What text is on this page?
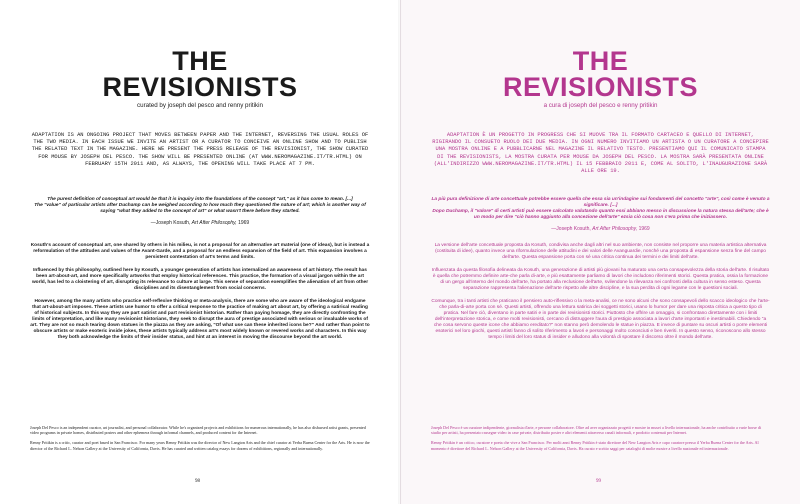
THE
REVISIONISTS

curated by joseph del pesco and renny pritikin

ADAPTATION IS AN ONGOING PROJECT THAT MOVES BETWEEN PAPER AND THE INTERNET, REVERSING THE USUAL ROLES OF THE TWO MEDIA. IN EACH ISSUE WE INVITE AN ARTIST OR A CURATOR TO CONCEIVE AN ONLINE SHOW AND TO PUBLISH THE RELATED TEXT IN THE MAGAZINE. HERE WE PRESENT THE PRESS RELEASE OF THE REVISIONIST, THE SHOW CURATED FOR MOUSE BY JOSEPH DEL PESCO. THE SHOW WILL BE PRESENTED ONLINE (AT WWW.NEROMAGAZINE.IT/TR.HTML) ON FEBRUARY 15TH 2011 AND, AS ALWAYS, THE OPENING WILL TAKE PLACE AT 7 PM.

The purest definition of conceptual art would be that it is inquiry into the foundations of the concept "art," as it has come to mean. [...]

The "value" of particular artists after Duchamp can be weighed according to how much they questioned the nature of art; which is another way of saying "what they added to the concept of art" or what wasn't there before they started.

—Joseph Kosuth, Art After Philosophy, 1969

Kosuth's account of conceptual art, one shared by others in his milieu, is not a proposal for an alternative art material (one of ideas), but is instead a reformulation of the attitudes and values of the Avant-Garde, and a proposal for an endless expansion of the field of art. This expansion involves a persistent contestation of art's terms and limits.

Influenced by this philosophy, outlined here by Kosuth, a younger generation of artists has internalized an awareness of art history. The result has been art-about-art, and more specifically artworks that employ historical references. This practice, the formation of a visual jargon within the art world, has led to a cloistering of art, disrupting its relevance to culture at large. This sense of separation exemplifies the alienation of art from other disciplines and its disentanglement from social concerns.

However, among the many artists who practice self-reflexive thinking or meta-analysis, there are some who are aware of the ideological endgame that art-about-art imposes. These artists use humor to offer a critical response to the practice of making art about art, by offering a satirical reading of historical subjects. In this way they are part satirist and part revisionist historian. Rather than paying homage, they are directly confronting the limits of interpretation, and like many revisionist historians, they seek to disrupt the aura of prestige associated with serious or invaluable works of art. They are not so much tearing down statues in the piazza as they are asking, "Of what use can these inherited icons be?" And rather than point to obscure artists or make esoteric inside jokes, these artists typically address art's most widely known or revered works and characters. In this way they both acknowledge the limits of their insider status, and hint at an interest in moving the discourse beyond the art world.

Joseph Del Pesco is an independent curator, art journalist, and personal collaborator. While he's organized projects and exhibitions for numerous internationally, he has also disbursed artist grants, presented video programs in private homes, distributed posters and other ephemera through informal channels, and produced content for the Internet.

Renny Pritikin is a critic, curator and poet based in San Francisco. For many years Renny Pritikin was the director of New Langton Arts and the chief curator at Yerba Buena Center for the Arts. He is now the director of the Richard L. Nelson Gallery at the University of California, Davis. He has curated and written catalog essays for dozens of exhibitions, regionally and internationally.

98
THE
REVISIONISTS

a cura di joseph del pesco e renny pritikin

ADAPTATION È UN PROGETTO IN PROGRESS CHE SI MUOVE TRA IL FORMATO CARTACEO E QUELLO DI INTERNET, RIGIRANDO IL CONSUETO RUOLO DEI DUE MEDIA. IN OGNI NUMERO INVITIAMO UN ARTISTA O UN CURATORE A CONCEPIRE UNA MOSTRA ONLINE E A PUBBLICARNE NEL MAGAZINE IL RELATIVO TESTO. PRESENTIAMO QUI IL COMUNICATO STAMPA DI THE REVISIONISTS, LA MOSTRA CURATA PER MOUSE DA JOSEPH DEL PESCO. LA MOSTRA SARÀ PRESENTATA ONLINE (ALL'INDIRIZZO WWW.NEROMAGAZINE.IT/TR.HTML) IL 15 FEBBRAIO 2011 E, COME AL SOLITO, L'INAUGURAZIONE SARÀ ALLE ORE 19.

La più pura definizione di arte concettuale potrebbe essere quella che essa sia un'indagine sui fondamenti del concetto "arte", così come è venuto a significare. [...]

Dopo Duchamp, il "valore" di certi artisti può essere calcolato valutando quanto essi abbiano messo in discussione la natura stessa dell'arte; che è un modo per dire "ciò hanno aggiunto alla concezione dell'arte" ezsia ciò cosa non c'era prima che iniziassero.

—Joseph Kosuth, Art After Philosophy, 1969

La versione dell'arte concettuale proposta da Kosuth, condivisa anche dagli altri nel suo ambiente, non consiste nel proporre una materia artistica alternativa (costituita di idee), quanto invece una riformulazione delle attitudini e dei valori delle Avanguardie, nonché una proposta di espansione senza fine del campo dell'arte. Questa espansione porta con sé una critica continua dei termini e dei limiti dell'arte.

Influenzata da questa filosofia delineata da Kosuth, una generazione di artisti più giovani ha maturato una certa consapevolezza della storia dell'arte. Il risultato è quella che potremmo definire arte-che parla di-arte, e più esattamente parliamo di lavori che includono riferimenti storici. Questa pratica, ossia la formazione di un gergo all'interno del mondo dell'arte, ha portato alla reclusione dell'arte, svilendone la rilevanza nei confronti della cultura in senso esteso. Questa separazione rappresenta l'alienazione dell'arte rispetto alle altre discipline, e la sua perdita di ogni legame con le questioni sociali.

Comunque, tra i tanti artisti che praticano il pensiero auto-riflessivo o la meta-analisi, ce ne sono alcuni che sono consapevoli dello scacco ideologico che l'arte-che parla-di-arte porta con sé. Questi artisti, offrendo una lettura satirica dei soggetti storici, usano lo humor per dare una risposta critica a questo tipo di pratica. Nel fare ciò, diventano in parte satiri e in parte dei revisionisti storici. Piuttosto che offrire un omaggio, si confrontano direttamente con i limiti dell'interpretazione storica, e come molti revisionisti, cercano di distruggere l'aura di prestigio associata a lavori d'arte importanti e inestimabili. Chiedendo "a che cosa servono queste icone che abbiamo ereditato?" non stanno però demolendo le statue in piazza. E invece di puntare su oscuri artisti o porre elementi esoterici nel loro giochi, questi artisti fanno di solito riferimento a lavori e personaggi molto conosciuti e ben riveriti. In questo senso, riconoscono allo stesso tempo i limiti del loro status di insider e alludono alla volontà di spostare il discorso oltre il mondo dell'arte.

Joseph Del Pesco è un curatore indipendente, giornalista d'arte, e persone collaboratore. Oltre ad aver organizzato progetti e mostre in musei a livello internazionale, ha anche contribuito a varie borse di studio per artisti, ha presentato rassegne video in case private, distribuito poster e altri elementi attraverso canali informali, e prodotto contenuti per Internet.

Renny Pritikin è un critico, curatore e poeta che vive a San Francisco. Per molti anni Renny Pritikin è stato direttore del New Langton Arts e capo curatore presso il Yerba Buena Center for the Arts. Al momento è direttore del Richard L. Nelson Gallery at the University of California, Davis. Ha curato e scritto saggi per cataloghi di molte mostre a livello nazionale ed internazionale.

99
